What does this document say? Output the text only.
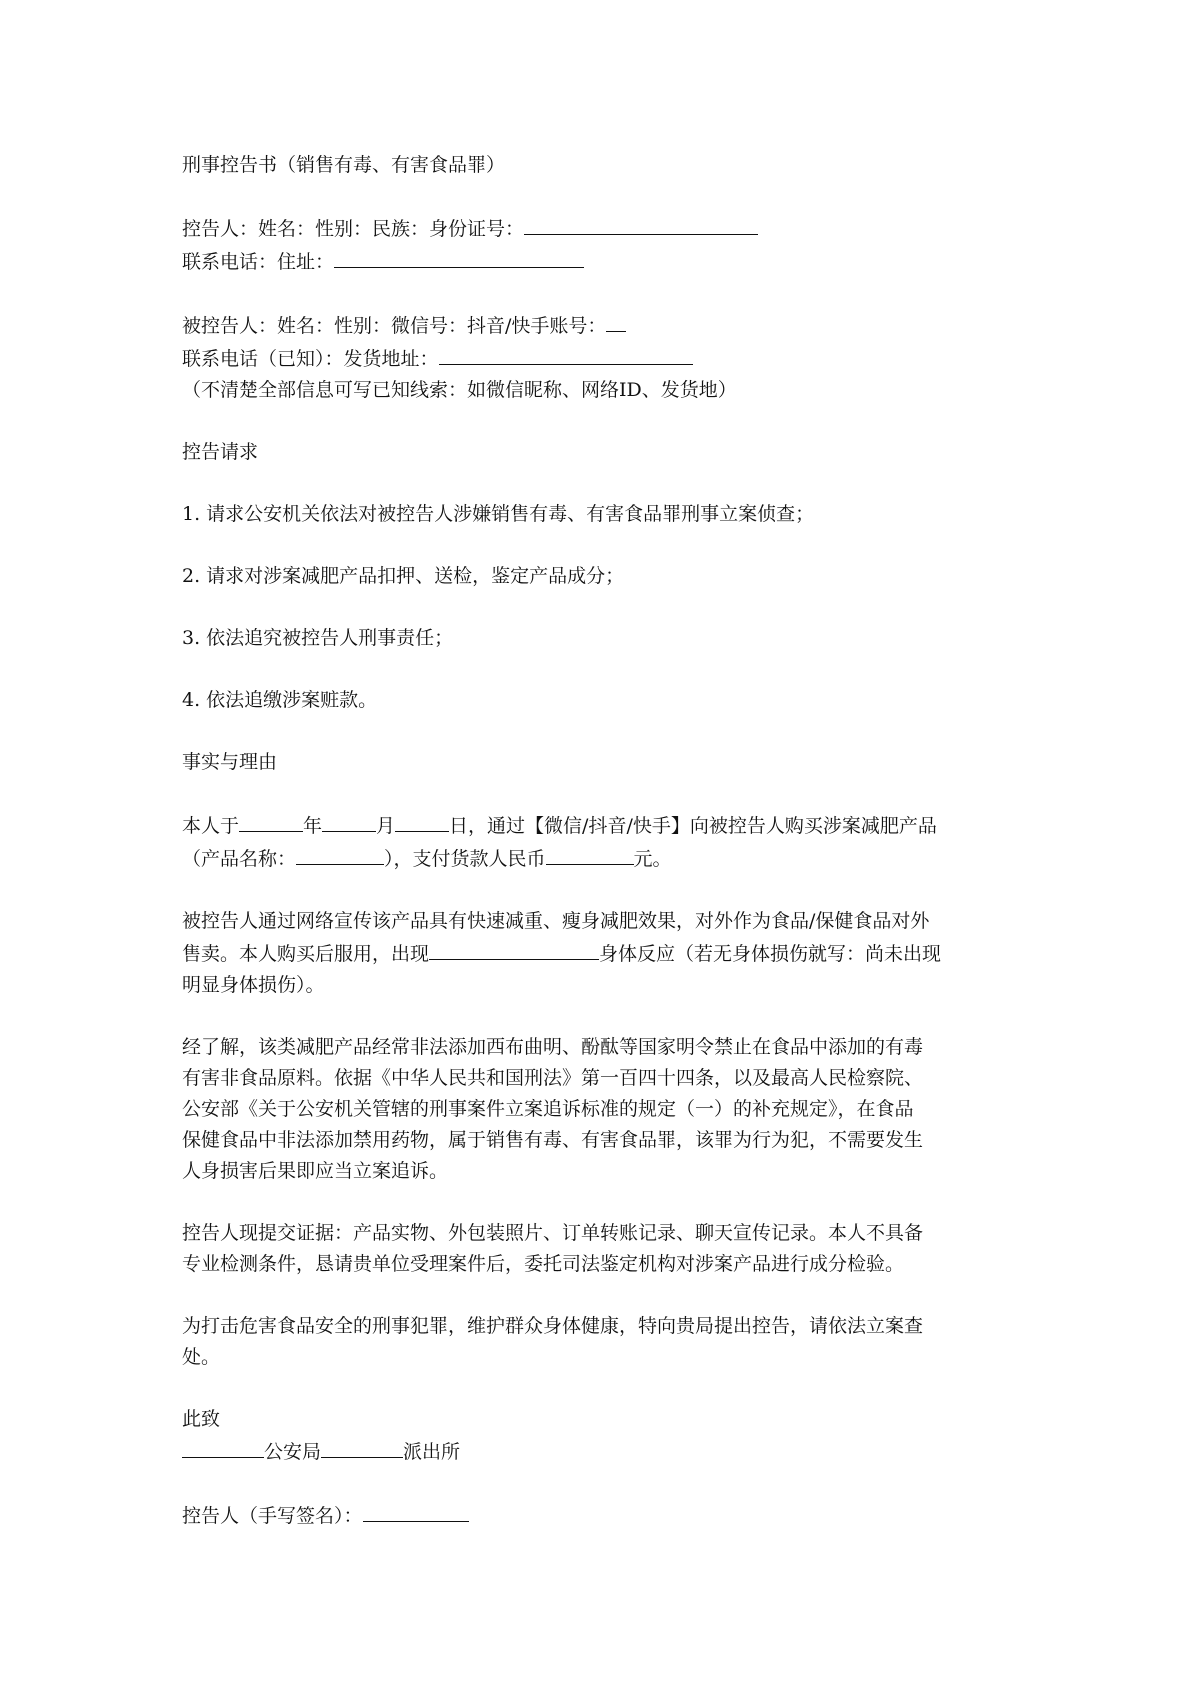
刑事控告书（销售有毒、有害食品罪）
控告人：姓名：性别：民族：身份证号：
联系电话：住址：
被控告人：姓名：性别：微信号：抖音/快手账号：
联系电话（已知）：发货地址：
（不清楚全部信息可写已知线索：如微信昵称、网络ID、发货地）
控告请求
1. 请求公安机关依法对被控告人涉嫌销售有毒、有害食品罪刑事立案侦查；
2. 请求对涉案减肥产品扣押、送检，鉴定产品成分；
3. 依法追究被控告人刑事责任；
4. 依法追缴涉案赃款。
事实与理由
本人于	年	月	日，通过【微信/抖音/快手】向被控告人购买涉案减肥产品
（产品名称：	），支付货款人民币	元。
被控告人通过网络宣传该产品具有快速减重、瘦身减肥效果，对外作为食品/保健食品对外
售卖。本人购买后服用，出现	身体反应（若无身体损伤就写：尚未出现
明显身体损伤）。
经了解，该类减肥产品经常非法添加西布曲明、酚酞等国家明令禁止在食品中添加的有毒
有害非食品原料。依据《中华人民共和国刑法》第一百四十四条，以及最高人民检察院、
公安部《关于公安机关管辖的刑事案件立案追诉标准的规定（一）的补充规定》，在食品
保健食品中非法添加禁用药物，属于销售有毒、有害食品罪，该罪为行为犯，不需要发生
人身损害后果即应当立案追诉。
控告人现提交证据：产品实物、外包装照片、订单转账记录、聊天宣传记录。本人不具备
专业检测条件，恳请贵单位受理案件后，委托司法鉴定机构对涉案产品进行成分检验。
为打击危害食品安全的刑事犯罪，维护群众身体健康，特向贵局提出控告，请依法立案查
处。
此致
公安局	派出所
控告人（手写签名）：
